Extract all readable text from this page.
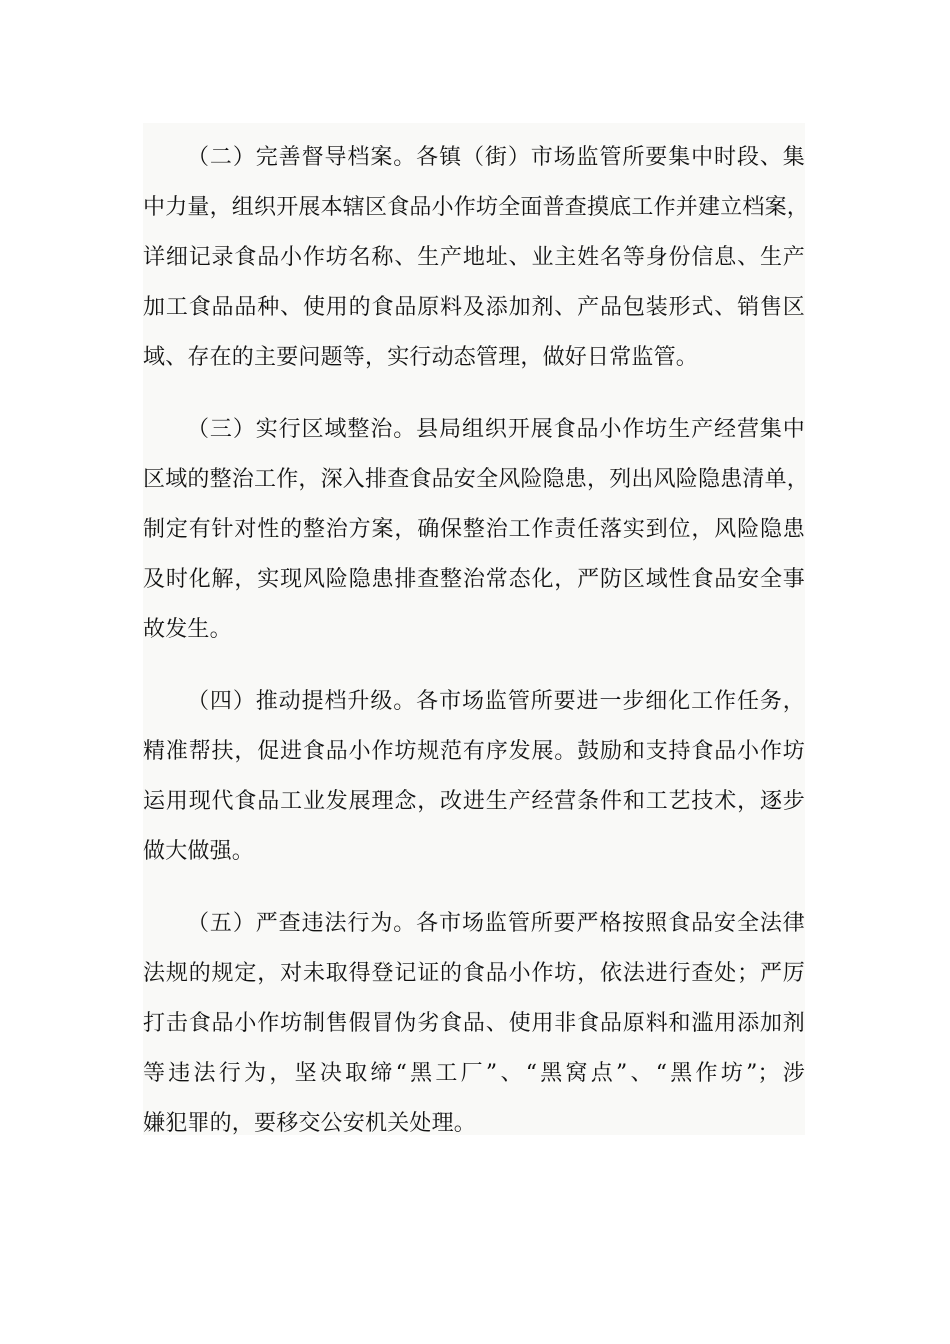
（二）完善督导档案。各镇（街）市场监管所要集中时段、集
中力量，组织开展本辖区食品小作坊全面普查摸底工作并建立档案，
详细记录食品小作坊名称、生产地址、业主姓名等身份信息、生产
加工食品品种、使用的食品原料及添加剂、产品包装形式、销售区
域、存在的主要问题等，实行动态管理，做好日常监管。
（三）实行区域整治。县局组织开展食品小作坊生产经营集中
区域的整治工作，深入排查食品安全风险隐患，列出风险隐患清单，
制定有针对性的整治方案，确保整治工作责任落实到位，风险隐患
及时化解，实现风险隐患排查整治常态化，严防区域性食品安全事
故发生。
（四）推动提档升级。各市场监管所要进一步细化工作任务，
精准帮扶，促进食品小作坊规范有序发展。鼓励和支持食品小作坊
运用现代食品工业发展理念，改进生产经营条件和工艺技术，逐步
做大做强。
（五）严查违法行为。各市场监管所要严格按照食品安全法律
法规的规定，对未取得登记证的食品小作坊，依法进行查处；严厉
打击食品小作坊制售假冒伪劣食品、使用非食品原料和滥用添加剂
等违法行为，坚决取缔“黑工厂”、“黑窝点”、“黑作坊”；涉
嫌犯罪的，要移交公安机关处理。
